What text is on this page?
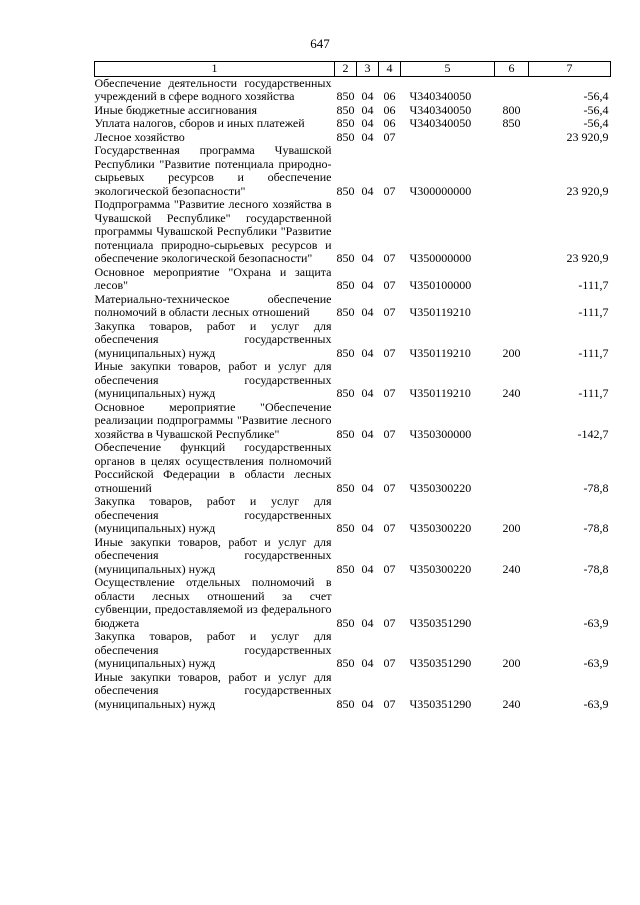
647
1	2	3	4	5	6	7
Обеспечение деятельности государственных учреждений в сфере водного хозяйства	850	04	06	Ч340340050		-56,4
Иные бюджетные ассигнования	850	04	06	Ч340340050	800	-56,4
Уплата налогов, сборов и иных платежей	850	04	06	Ч340340050	850	-56,4
Лесное хозяйство	850	04	07			23 920,9
Государственная программа Чувашской Республики "Развитие потенциала природно-сырьевых ресурсов и обеспечение экологической безопасности"	850	04	07	Ч300000000		23 920,9
Подпрограмма "Развитие лесного хозяйства в Чувашской Республике" государственной программы Чувашской Республики "Развитие потенциала природно-сырьевых ресурсов и обеспечение экологической безопасности"	850	04	07	Ч350000000		23 920,9
Основное мероприятие "Охрана и защита лесов"	850	04	07	Ч350100000		-111,7
Материально-техническое обеспечение полномочий в области лесных отношений	850	04	07	Ч350119210		-111,7
Закупка товаров, работ и услуг для обеспечения государственных (муниципальных) нужд	850	04	07	Ч350119210	200	-111,7
Иные закупки товаров, работ и услуг для обеспечения государственных (муниципальных) нужд	850	04	07	Ч350119210	240	-111,7
Основное мероприятие "Обеспечение реализации подпрограммы "Развитие лесного хозяйства в Чувашской Республике"	850	04	07	Ч350300000		-142,7
Обеспечение функций государственных органов в целях осуществления полномочий Российской Федерации в области лесных отношений	850	04	07	Ч350300220		-78,8
Закупка товаров, работ и услуг для обеспечения государственных (муниципальных) нужд	850	04	07	Ч350300220	200	-78,8
Иные закупки товаров, работ и услуг для обеспечения государственных (муниципальных) нужд	850	04	07	Ч350300220	240	-78,8
Осуществление отдельных полномочий в области лесных отношений за счет субвенции, предоставляемой из федерального бюджета	850	04	07	Ч350351290		-63,9
Закупка товаров, работ и услуг для обеспечения государственных (муниципальных) нужд	850	04	07	Ч350351290	200	-63,9
Иные закупки товаров, работ и услуг для обеспечения государственных (муниципальных) нужд	850	04	07	Ч350351290	240	-63,9
